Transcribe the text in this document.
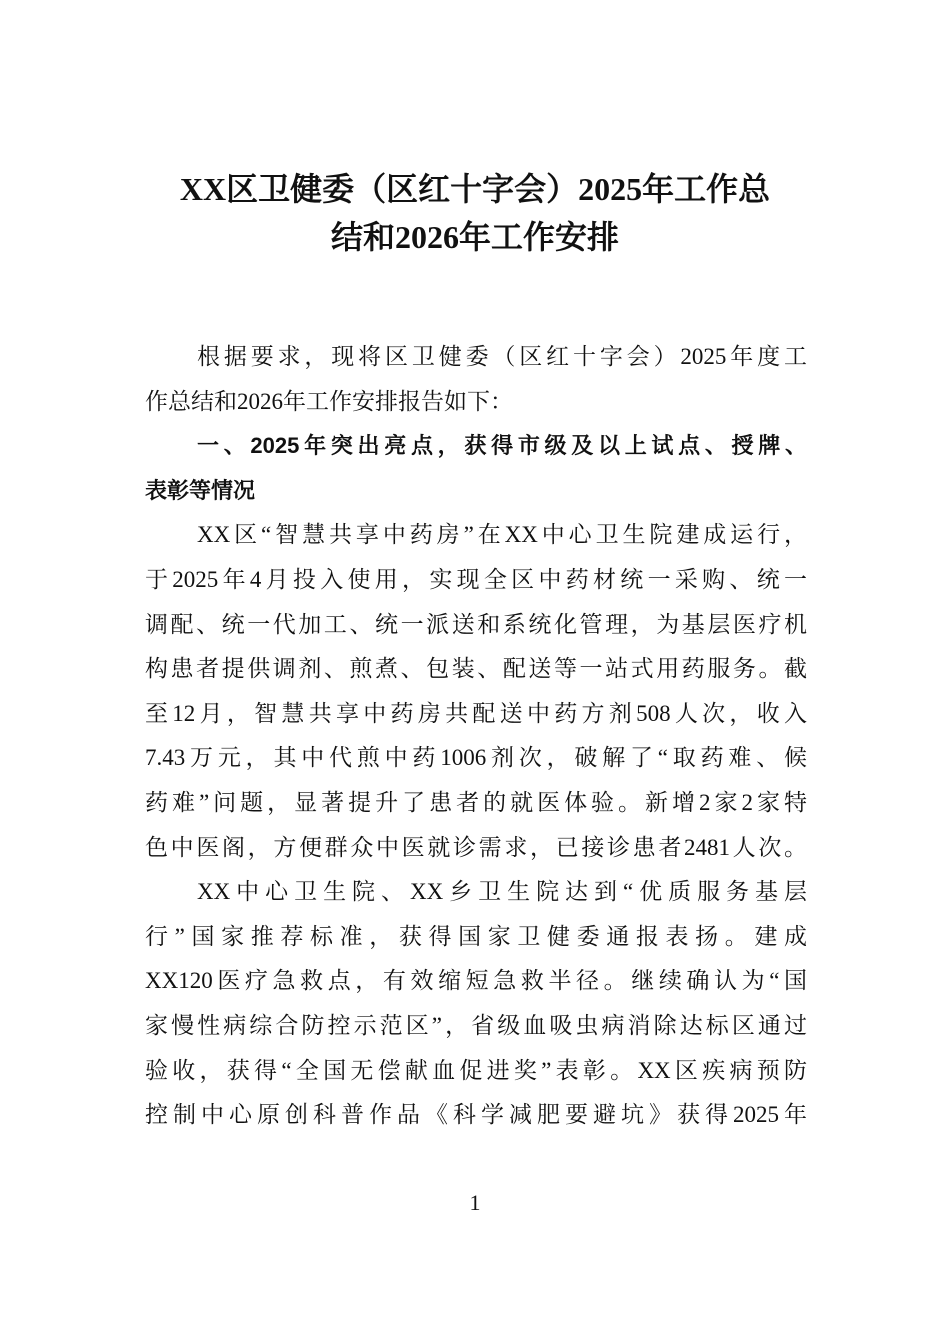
XX区卫健委（区红十字会）2025年工作总
结和2026年工作安排
根据要求，现将区卫健委（区红十字会）2025年度工
作总结和2026年工作安排报告如下：
一、2025年突出亮点，获得市级及以上试点、授牌、
表彰等情况
XX区“智慧共享中药房”在XX中心卫生院建成运行，
于2025年4月投入使用，实现全区中药材统一采购、统一
调配、统一代加工、统一派送和系统化管理，为基层医疗机
构患者提供调剂、煎煮、包装、配送等一站式用药服务。截
至12月，智慧共享中药房共配送中药方剂508人次，收入
7.43万元，其中代煎中药1006剂次，破解了“取药难、候
药难”问题，显著提升了患者的就医体验。新增2家2家特
色中医阁，方便群众中医就诊需求，已接诊患者2481人次。
XX中心卫生院、XX乡卫生院达到“优质服务基层
行”国家推荐标准，获得国家卫健委通报表扬。建成
XX120医疗急救点，有效缩短急救半径。继续确认为“国
家慢性病综合防控示范区”，省级血吸虫病消除达标区通过
验收，获得“全国无偿献血促进奖”表彰。XX区疾病预防
控制中心原创科普作品《科学减肥要避坑》获得2025年
1
